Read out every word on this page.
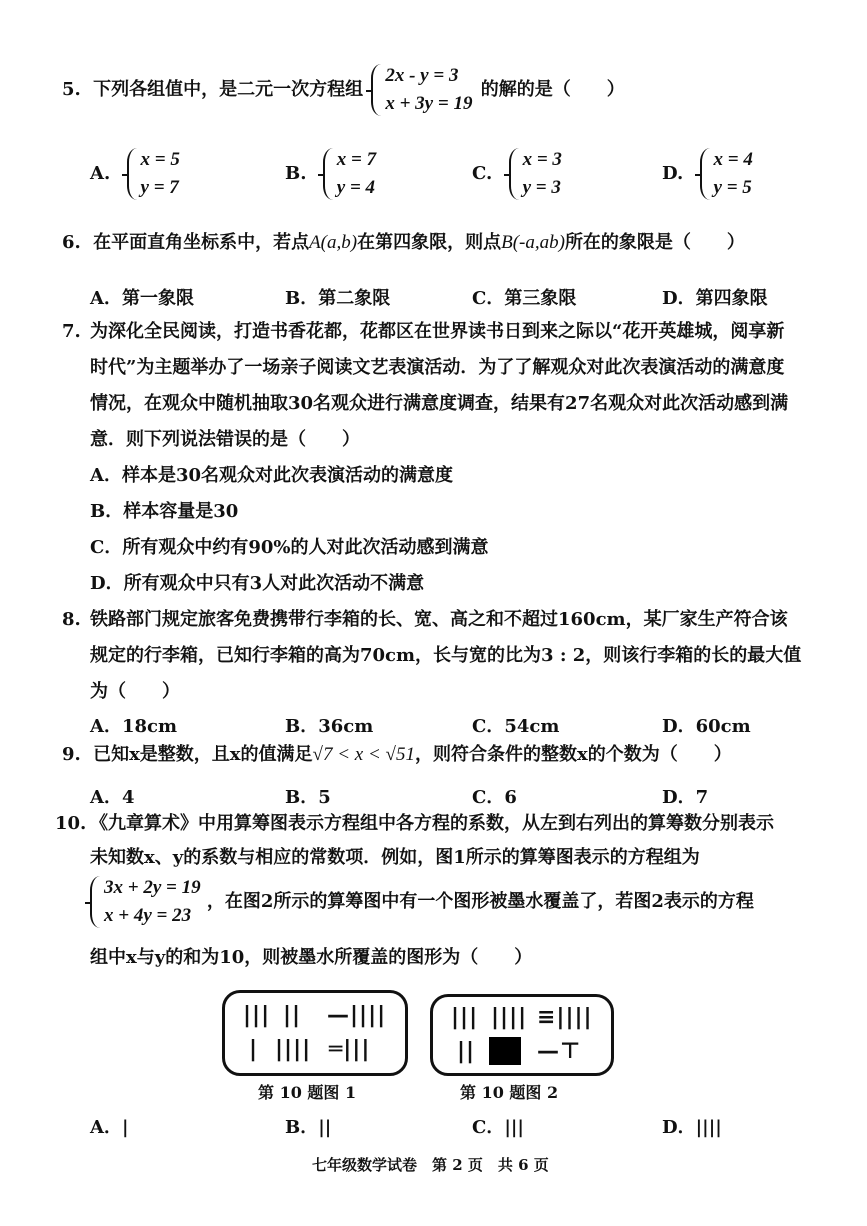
5. 下列各组值中，是二元一次方程组
2x - y = 3
x + 3y = 19
的解的是（　　）
A.
x = 5
y = 7
B.
x = 7
y = 4
C.
x = 3
y = 3
D.
x = 4
y = 5
6. 在平面直角坐标系中，若点A(a,b)在第四象限，则点B(-a,ab)所在的象限是（　　）
A．第一象限	B．第二象限	C．第三象限	D．第四象限
7. 为深化全民阅读，打造书香花都，花都区在世界读书日到来之际以“花开英雄城，阅享新
时代”为主题举办了一场亲子阅读文艺表演活动．为了了解观众对此次表演活动的满意度
情况，在观众中随机抽取30名观众进行满意度调查，结果有27名观众对此次活动感到满
意．则下列说法错误的是（　　）
A．样本是30名观众对此次表演活动的满意度
B．样本容量是30
C．所有观众中约有90%的人对此次活动感到满意
D．所有观众中只有3人对此次活动不满意
8. 铁路部门规定旅客免费携带行李箱的长、宽、高之和不超过160cm，某厂家生产符合该
规定的行李箱，已知行李箱的高为70cm，长与宽的比为3 : 2，则该行李箱的长的最大值
为（　　）
A．18cm	B．36cm	C．54cm	D．60cm
9. 已知x是整数，且x的值满足√7 < x < √51，则符合条件的整数x的个数为（　　）
A．4	B．5	C．6	D．7
10. 《九章算术》中用算筹图表示方程组中各方程的系数，从左到右列出的算筹数分别表示
未知数x、y的系数与相应的常数项．例如，图1所示的算筹图表示的方程组为
3x + 2y = 19
x + 4y = 23
，在图2所示的算筹图中有一个图形被墨水覆盖了，若图2表示的方程
组中x与y的和为10，则被墨水所覆盖的图形为（　　）
||| || —||||
| |||| ═|||
第 10 题图 1
||| |||| ≡||||
||	—⊤
第 10 题图 2
A．|	B．||	C．|||	D．||||
七年级数学试卷　第 2 页　共 6 页
